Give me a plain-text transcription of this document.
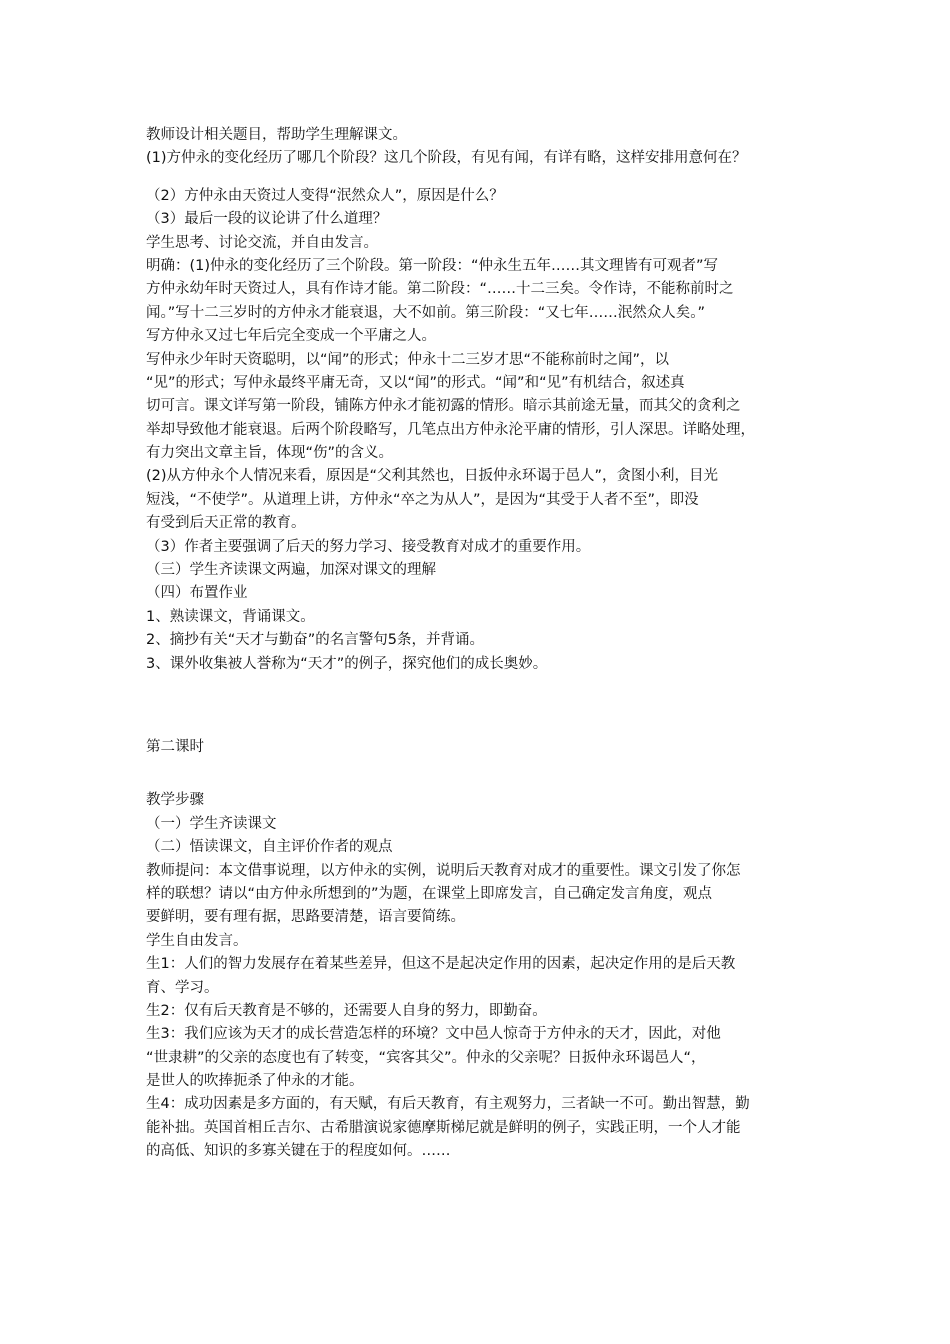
教师设计相关题目，帮助学生理解课文。
(1)方仲永的变化经历了哪几个阶段？这几个阶段，有见有闻，有详有略，这样安排用意何在？
（2）方仲永由天资过人变得“泯然众人”，原因是什么？
（3）最后一段的议论讲了什么道理？
学生思考、讨论交流，并自由发言。
明确：(1)仲永的变化经历了三个阶段。第一阶段：“仲永生五年……其文理皆有可观者”写
方仲永幼年时天资过人，具有作诗才能。第二阶段：“……十二三矣。令作诗，不能称前时之
闻。”写十二三岁时的方仲永才能衰退，大不如前。第三阶段：“又七年……泯然众人矣。”
写方仲永又过七年后完全变成一个平庸之人。
写仲永少年时天资聪明，以“闻”的形式；仲永十二三岁才思“不能称前时之闻”，以
“见”的形式；写仲永最终平庸无奇，又以“闻”的形式。“闻”和“见”有机结合，叙述真
切可言。课文详写第一阶段，铺陈方仲永才能初露的情形。暗示其前途无量，而其父的贪利之
举却导致他才能衰退。后两个阶段略写，几笔点出方仲永沦平庸的情形，引人深思。详略处理，
有力突出文章主旨，体现“伤”的含义。
(2)从方仲永个人情况来看，原因是“父利其然也，日扳仲永环谒于邑人”，贪图小利，目光
短浅，“不使学”。从道理上讲，方仲永“卒之为从人”，是因为“其受于人者不至”，即没
有受到后天正常的教育。
（3）作者主要强调了后天的努力学习、接受教育对成才的重要作用。
（三）学生齐读课文两遍，加深对课文的理解
（四）布置作业
1、熟读课文，背诵课文。
2、摘抄有关“天才与勤奋”的名言警句5条，并背诵。
3、课外收集被人誉称为“天才”的例子，探究他们的成长奥妙。
第二课时
教学步骤
（一）学生齐读课文
（二）悟读课文，自主评价作者的观点
教师提问：本文借事说理，以方仲永的实例，说明后天教育对成才的重要性。课文引发了你怎
样的联想？请以“由方仲永所想到的”为题，在课堂上即席发言，自己确定发言角度，观点
要鲜明，要有理有据，思路要清楚，语言要简练。
学生自由发言。
生1：人们的智力发展存在着某些差异，但这不是起决定作用的因素，起决定作用的是后天教
育、学习。
生2：仅有后天教育是不够的，还需要人自身的努力，即勤奋。
生3：我们应该为天才的成长营造怎样的环境？文中邑人惊奇于方仲永的天才，因此，对他
“世隶耕”的父亲的态度也有了转变，“宾客其父”。仲永的父亲呢？日扳仲永环谒邑人“，
是世人的吹捧扼杀了仲永的才能。
生4：成功因素是多方面的，有天赋，有后天教育，有主观努力，三者缺一不可。勤出智慧，勤
能补拙。英国首相丘吉尔、古希腊演说家德摩斯梯尼就是鲜明的例子，实践正明，一个人才能
的高低、知识的多寡关键在于的程度如何。……
